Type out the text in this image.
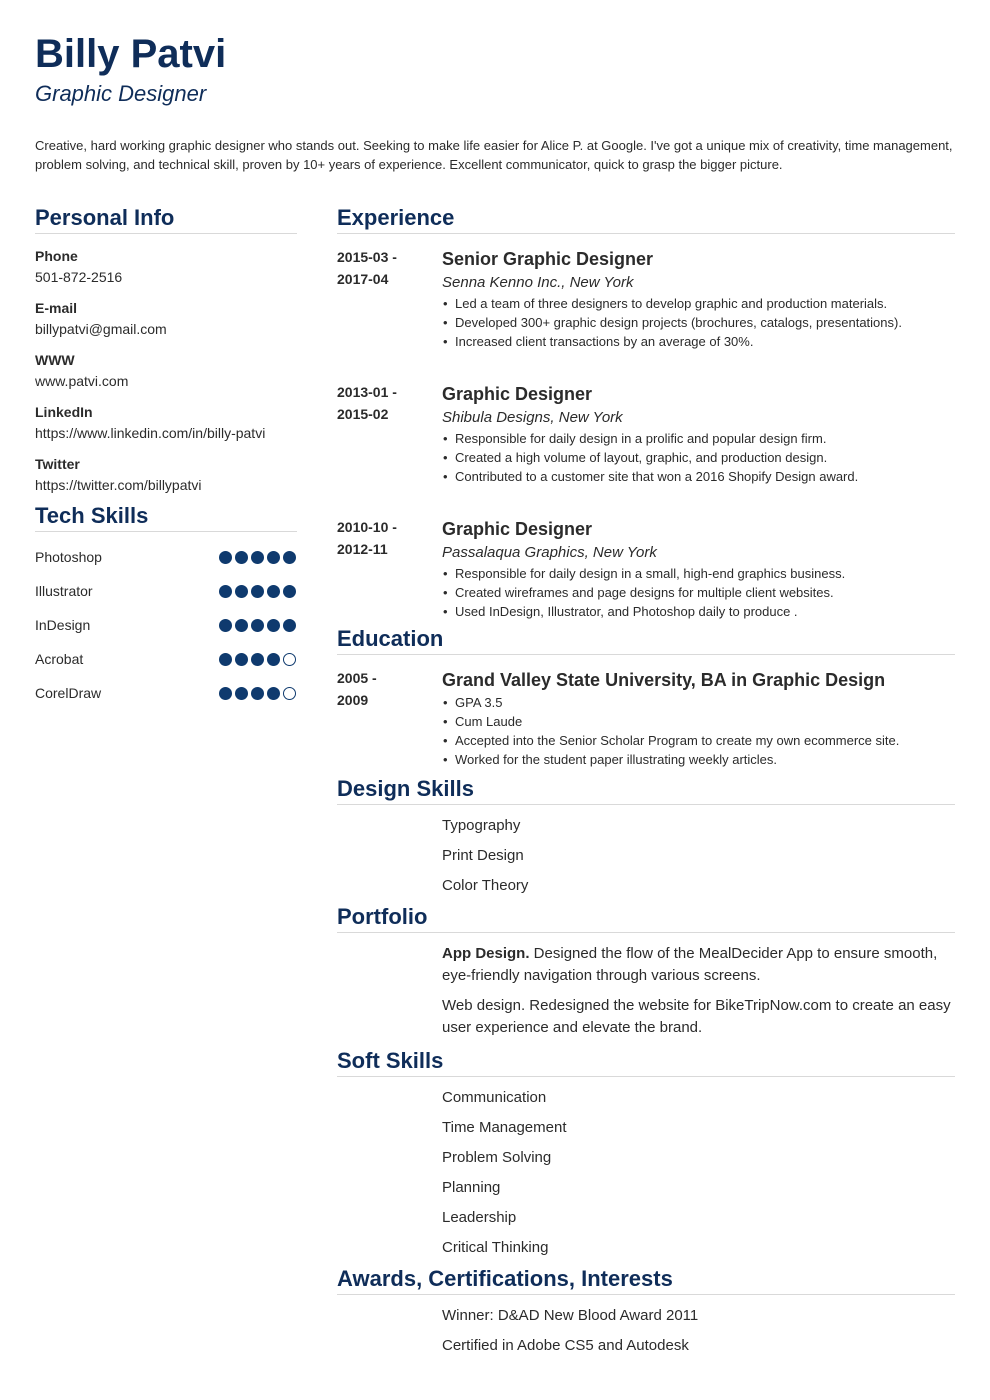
Billy Patvi
Graphic Designer
Creative, hard working graphic designer who stands out. Seeking to make life easier for Alice P. at Google. I've got a unique mix of creativity, time management, problem solving, and technical skill, proven by 10+ years of experience. Excellent communicator, quick to grasp the bigger picture.
Personal Info
Phone
501-872-2516
E-mail
billypatvi@gmail.com
WWW
www.patvi.com
LinkedIn
https://www.linkedin.com/in/billy-patvi
Twitter
https://twitter.com/billypatvi
Tech Skills
Photoshop
Illustrator
InDesign
Acrobat
CorelDraw
Experience
2015-03 -
2017-04
Senior Graphic Designer
Senna Kenno Inc., New York
• Led a team of three designers to develop graphic and production materials.
• Developed 300+ graphic design projects (brochures, catalogs, presentations).
• Increased client transactions by an average of 30%.
2013-01 -
2015-02
Graphic Designer
Shibula Designs, New York
• Responsible for daily design in a prolific and popular design firm.
• Created a high volume of layout, graphic, and production design.
• Contributed to a customer site that won a 2016 Shopify Design award.
2010-10 -
2012-11
Graphic Designer
Passalaqua Graphics, New York
• Responsible for daily design in a small, high-end graphics business.
• Created wireframes and page designs for multiple client websites.
• Used InDesign, Illustrator, and Photoshop daily to produce .
Education
2005 -
2009
Grand Valley State University, BA in Graphic Design
• GPA 3.5
• Cum Laude
• Accepted into the Senior Scholar Program to create my own ecommerce site.
• Worked for the student paper illustrating weekly articles.
Design Skills
Typography
Print Design
Color Theory
Portfolio
App Design. Designed the flow of the MealDecider App to ensure smooth, eye-friendly navigation through various screens.
Web design. Redesigned the website for BikeTripNow.com to create an easy user experience and elevate the brand.
Soft Skills
Communication
Time Management
Problem Solving
Planning
Leadership
Critical Thinking
Awards, Certifications, Interests
Winner: D&AD New Blood Award 2011
Certified in Adobe CS5 and Autodesk
